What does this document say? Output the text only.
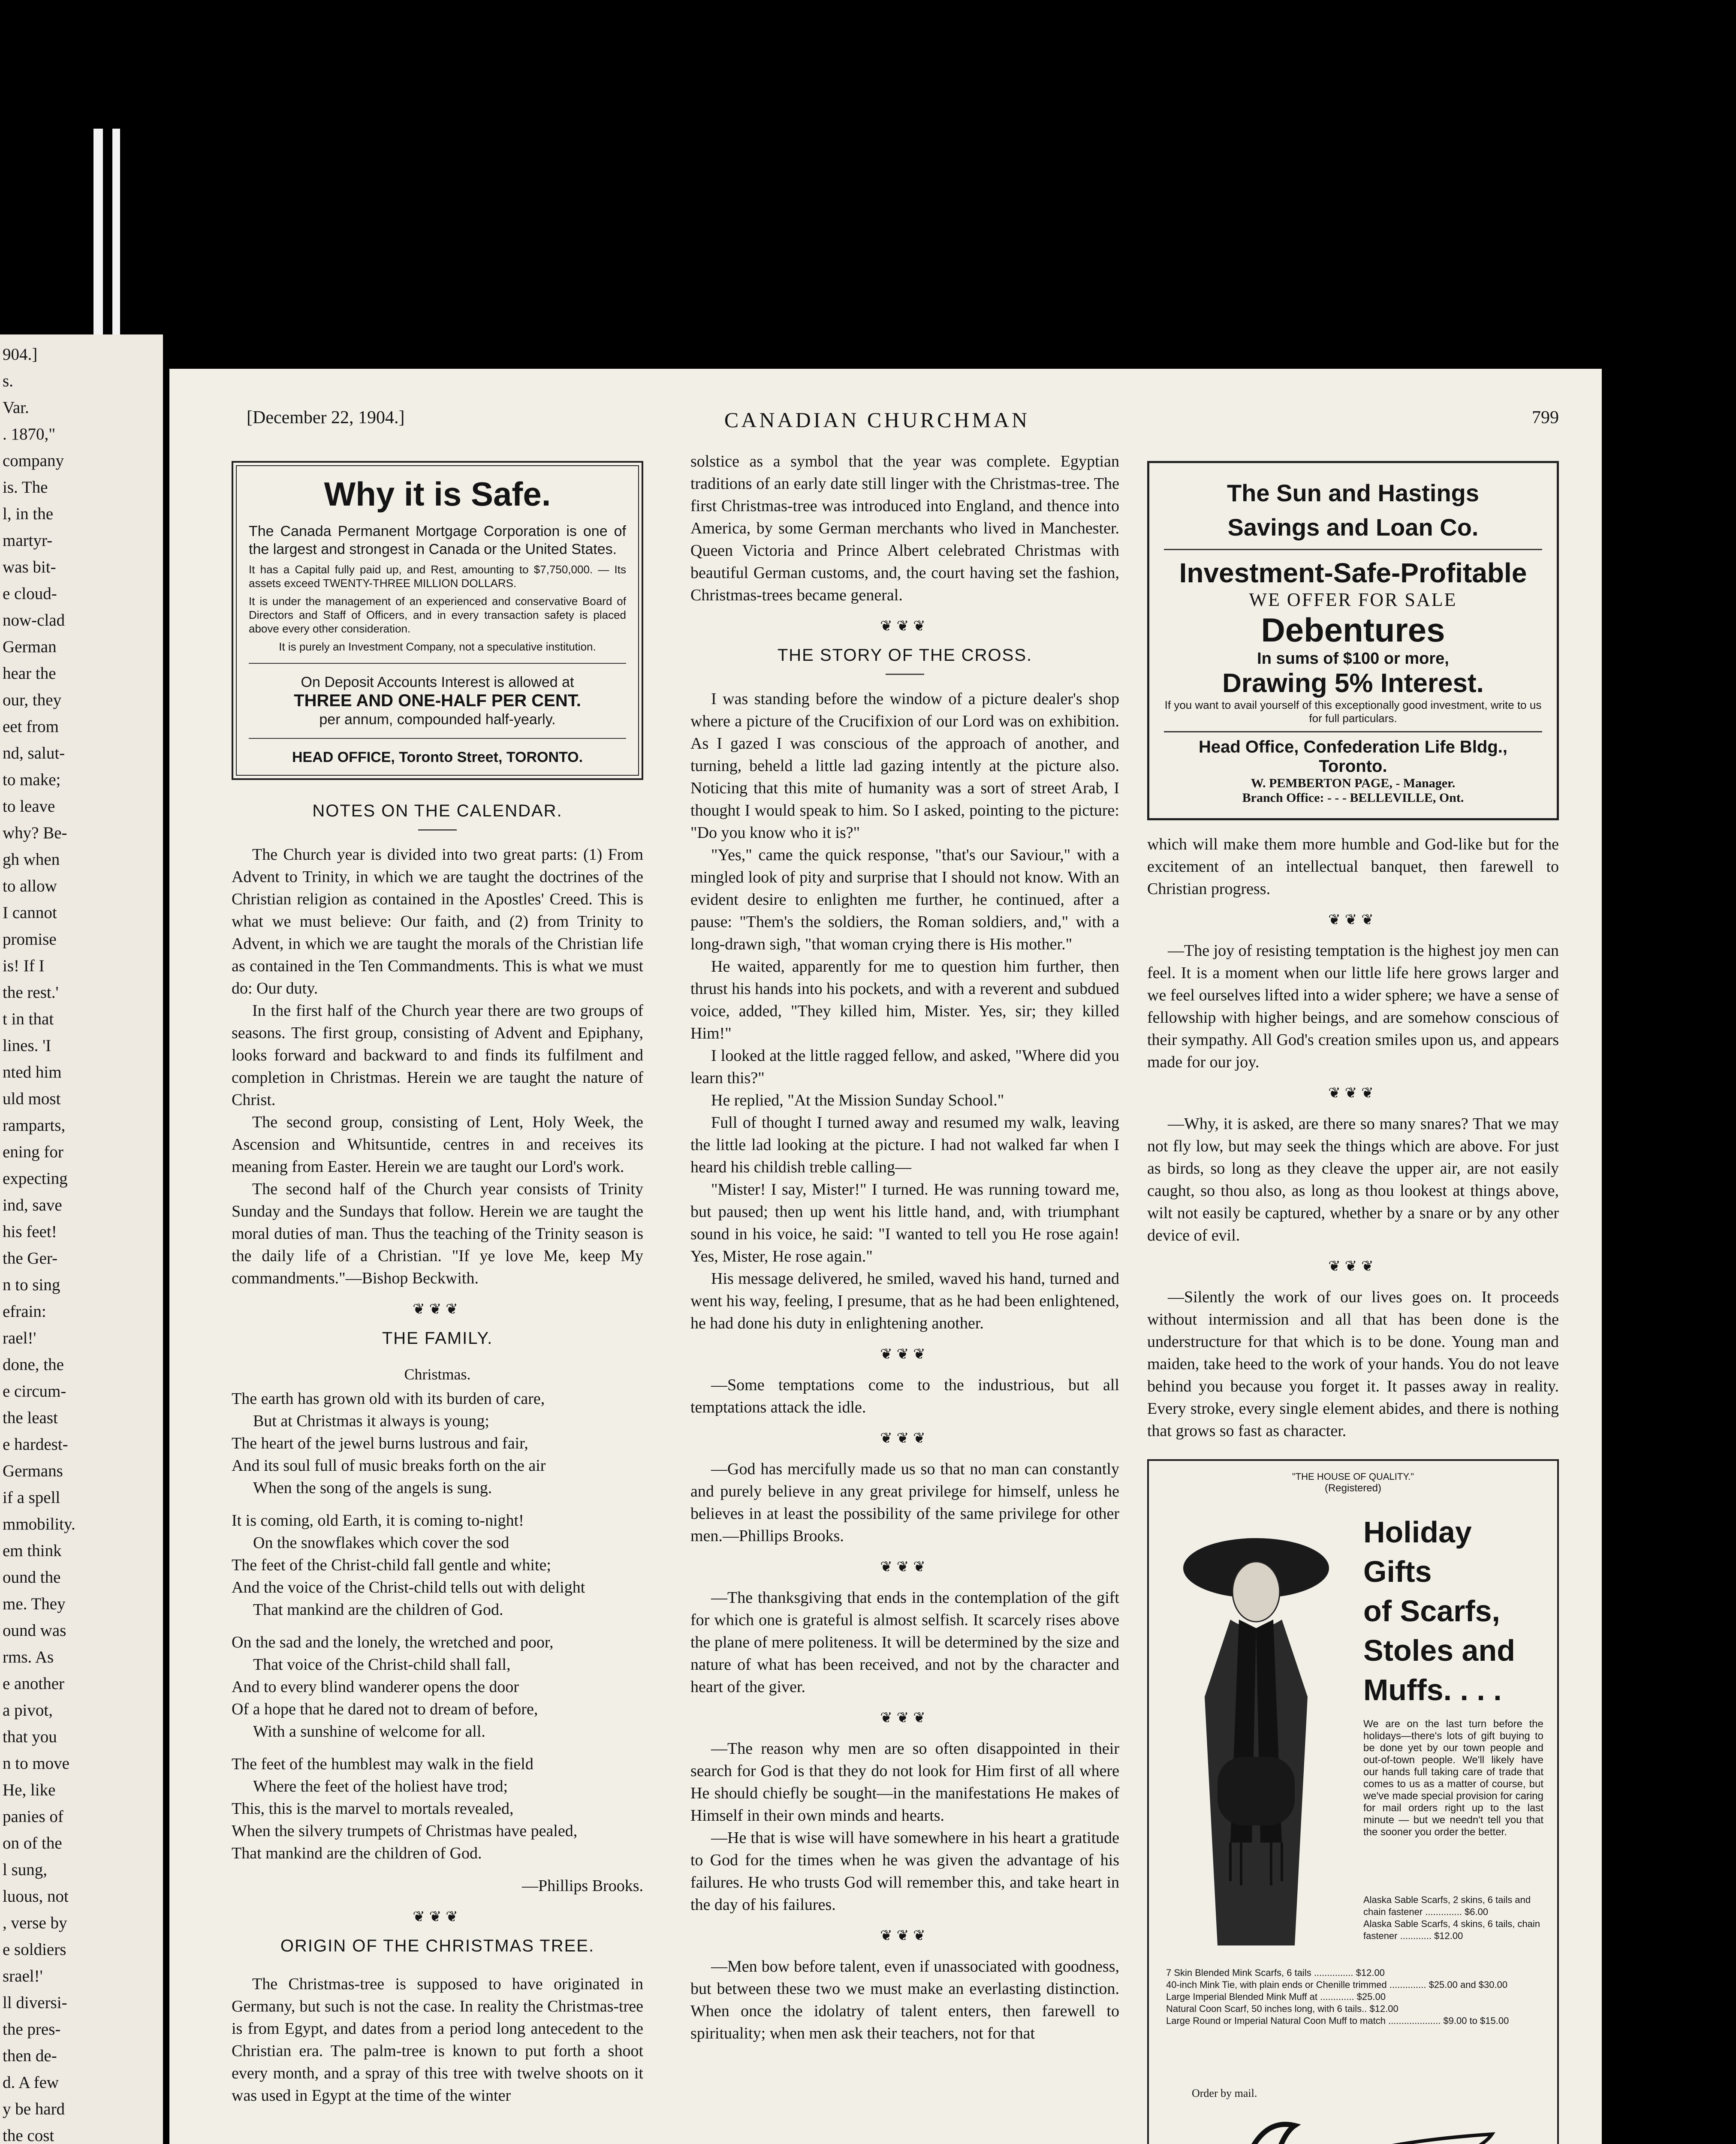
904.]
s.
Var.
. 1870,"
company
is. The
l, in the
martyr-
was bit-
e cloud-
now-clad
German
hear the
our, they
eet from
nd, salut-
to make;
to leave
why? Be-
gh when
to allow
I cannot
promise
is! If I
the rest.'
t in that
lines. 'I
nted him
uld most
ramparts,
ening for
expecting
ind, save
his feet!
the Ger-
n to sing
efrain:
rael!'
done, the
e circum-
the least
e hardest-
Germans
if a spell
mmobility.
em think
ound the
me. They
ound was
rms. As
e another
a pivot,
that you
n to move
He, like
panies of
on of the
l sung,
luous, not
, verse by
e soldiers
srael!'
ll diversi-
the pres-
then de-
d. A few
y be hard
the cost
[December 22, 1904.]	CANADIAN CHURCHMAN	799
Why it is Safe.
The Canada Permanent Mortgage Corporation is one of the largest and strongest in Canada or the United States.
It has a Capital fully paid up, and Rest, amounting to $7,750,000. — Its assets exceed TWENTY-THREE MILLION DOLLARS.
It is under the management of an experienced and conservative Board of Directors and Staff of Officers, and in every transaction safety is placed above every other consideration.
It is purely an Investment Company, not a speculative institution.
On Deposit Accounts Interest is allowed at
THREE AND ONE-HALF PER CENT.
per annum, compounded half-yearly.
HEAD OFFICE, Toronto Street, TORONTO.
NOTES ON THE CALENDAR.

The Church year is divided into two great parts: (1) From Advent to Trinity, in which we are taught the doctrines of the Christian religion as contained in the Apostles' Creed. This is what we must believe: Our faith, and (2) from Trinity to Advent, in which we are taught the morals of the Christian life as contained in the Ten Commandments. This is what we must do: Our duty.

In the first half of the Church year there are two groups of seasons. The first group, consisting of Advent and Epiphany, looks forward and backward to and finds its fulfilment and completion in Christmas. Herein we are taught the nature of Christ.

The second group, consisting of Lent, Holy Week, the Ascension and Whitsuntide, centres in and receives its meaning from Easter. Herein we are taught our Lord's work.

The second half of the Church year consists of Trinity Sunday and the Sundays that follow. Herein we are taught the moral duties of man. Thus the teaching of the Trinity season is the daily life of a Christian. "If ye love Me, keep My commandments."—Bishop Beckwith.

❦❦❦
THE FAMILY.
Christmas.
The earth has grown old with its burden of care,
But at Christmas it always is young;
The heart of the jewel burns lustrous and fair,
And its soul full of music breaks forth on the air
When the song of the angels is sung.
It is coming, old Earth, it is coming to-night!
On the snowflakes which cover the sod
The feet of the Christ-child fall gentle and white;
And the voice of the Christ-child tells out with delight
That mankind are the children of God.
On the sad and the lonely, the wretched and poor,
That voice of the Christ-child shall fall,
And to every blind wanderer opens the door
Of a hope that he dared not to dream of before,
With a sunshine of welcome for all.
The feet of the humblest may walk in the field
Where the feet of the holiest have trod;
This, this is the marvel to mortals revealed,
When the silvery trumpets of Christmas have pealed,
That mankind are the children of God.
—Phillips Brooks.
❦❦❦
ORIGIN OF THE CHRISTMAS TREE.

The Christmas-tree is supposed to have originated in Germany, but such is not the case. In reality the Christmas-tree is from Egypt, and dates from a period long antecedent to the Christian era. The palm-tree is known to put forth a shoot every month, and a spray of this tree with twelve shoots on it was used in Egypt at the time of the winter

solstice as a symbol that the year was complete. Egyptian traditions of an early date still linger with the Christmas-tree. The first Christmas-tree was introduced into England, and thence into America, by some German merchants who lived in Manchester. Queen Victoria and Prince Albert celebrated Christmas with beautiful German customs, and, the court having set the fashion, Christmas-trees became general.

❦❦❦
THE STORY OF THE CROSS.

I was standing before the window of a picture dealer's shop where a picture of the Crucifixion of our Lord was on exhibition. As I gazed I was conscious of the approach of another, and turning, beheld a little lad gazing intently at the picture also. Noticing that this mite of humanity was a sort of street Arab, I thought I would speak to him. So I asked, pointing to the picture: "Do you know who it is?"

"Yes," came the quick response, "that's our Saviour," with a mingled look of pity and surprise that I should not know. With an evident desire to enlighten me further, he continued, after a pause: "Them's the soldiers, the Roman soldiers, and," with a long-drawn sigh, "that woman crying there is His mother."

He waited, apparently for me to question him further, then thrust his hands into his pockets, and with a reverent and subdued voice, added, "They killed him, Mister. Yes, sir; they killed Him!"

I looked at the little ragged fellow, and asked, "Where did you learn this?"

He replied, "At the Mission Sunday School."

Full of thought I turned away and resumed my walk, leaving the little lad looking at the picture. I had not walked far when I heard his childish treble calling—

"Mister! I say, Mister!" I turned. He was running toward me, but paused; then up went his little hand, and, with triumphant sound in his voice, he said: "I wanted to tell you He rose again! Yes, Mister, He rose again."

His message delivered, he smiled, waved his hand, turned and went his way, feeling, I presume, that as he had been enlightened, he had done his duty in enlightening another.

❦❦❦

—Some temptations come to the industrious, but all temptations attack the idle.

❦❦❦

—God has mercifully made us so that no man can constantly and purely believe in any great privilege for himself, unless he believes in at least the possibility of the same privilege for other men.—Phillips Brooks.

❦❦❦

—The thanksgiving that ends in the contemplation of the gift for which one is grateful is almost selfish. It scarcely rises above the plane of mere politeness. It will be determined by the size and nature of what has been received, and not by the character and heart of the giver.

❦❦❦

—The reason why men are so often disappointed in their search for God is that they do not look for Him first of all where He should chiefly be sought—in the manifestations He makes of Himself in their own minds and hearts.

—He that is wise will have somewhere in his heart a gratitude to God for the times when he was given the advantage of his failures. He who trusts God will remember this, and take heart in the day of his failures.

❦❦❦

—Men bow before talent, even if unassociated with goodness, but between these two we must make an everlasting distinction. When once the idolatry of talent enters, then farewell to spirituality; when men ask their teachers, not for that

The Sun and Hastings
Savings and Loan Co.
Investment-Safe-Profitable
WE OFFER FOR SALE
Debentures
In sums of $100 or more,
Drawing 5% Interest.
If you want to avail yourself of this exceptionally good investment, write to us for full particulars.
Head Office, Confederation Life Bldg., Toronto.
W. PEMBERTON PAGE, - Manager.
Branch Office: - - - BELLEVILLE, Ont.

which will make them more humble and God-like but for the excitement of an intellectual banquet, then farewell to Christian progress.

❦❦❦

—The joy of resisting temptation is the highest joy men can feel. It is a moment when our little life here grows larger and we feel ourselves lifted into a wider sphere; we have a sense of fellowship with higher beings, and are somehow conscious of their sympathy. All God's creation smiles upon us, and appears made for our joy.

❦❦❦

—Why, it is asked, are there so many snares? That we may not fly low, but may seek the things which are above. For just as birds, so long as they cleave the upper air, are not easily caught, so thou also, as long as thou lookest at things above, wilt not easily be captured, whether by a snare or by any other device of evil.

❦❦❦

—Silently the work of our lives goes on. It proceeds without intermission and all that has been done is the understructure for that which is to be done. Young man and maiden, take heed to the work of your hands. You do not leave behind you because you forget it. It passes away in reality. Every stroke, every single element abides, and there is nothing that grows so fast as character.

"THE HOUSE OF QUALITY."
(Registered)
Holiday Gifts
of Scarfs,
Stoles and
Muffs. . . .
We are on the last turn before the holidays—there's lots of gift buying to be done yet by our town people and out-of-town people. We'll likely have our hands full taking care of trade that comes to us as a matter of course, but we've made special provision for caring for mail orders right up to the last minute — but we needn't tell you that the sooner you order the better.
Alaska Sable Scarfs, 2 skins, 6 tails and chain fastener .............. $6.00
Alaska Sable Scarfs, 4 skins, 6 tails, chain fastener ............ $12.00
7 Skin Blended Mink Scarfs, 6 tails ............... $12.00
40-inch Mink Tie, with plain ends or Chenille trimmed .............. $25.00 and $30.00
Large Imperial Blended Mink Muff at ............. $25.00
Natural Coon Scarf, 50 inches long, with 6 tails.. $12.00
Large Round or Imperial Natural Coon Muff to match .................... $9.00 to $15.00
Order by mail.
